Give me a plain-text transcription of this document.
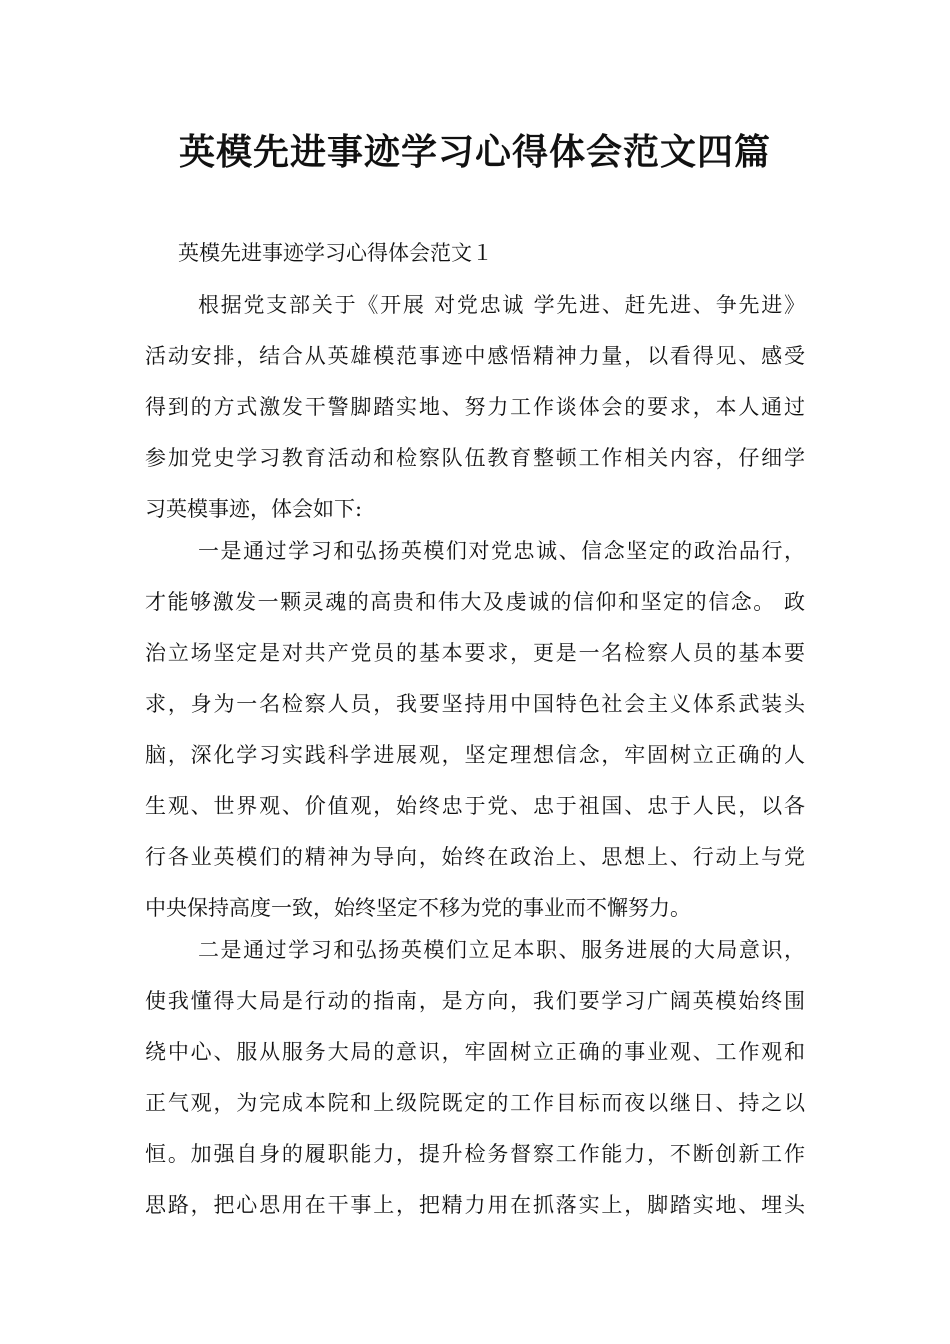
英模先进事迹学习心得体会范文四篇

英模先进事迹学习心得体会范文１

根据党支部关于《开展 对党忠诚 学先进、赶先进、争先进》

活动安排，结合从英雄模范事迹中感悟精神力量，以看得见、感受

得到的方式激发干警脚踏实地、努力工作谈体会的要求，本人通过

参加党史学习教育活动和检察队伍教育整顿工作相关内容，仔细学

习英模事迹，体会如下:

一是通过学习和弘扬英模们对党忠诚、信念坚定的政治品行，

才能够激发一颗灵魂的高贵和伟大及虔诚的信仰和坚定的信念。 政

治立场坚定是对共产党员的基本要求，更是一名检察人员的基本要

求，身为一名检察人员，我要坚持用中国特色社会主义体系武装头

脑，深化学习实践科学进展观，坚定理想信念，牢固树立正确的人

生观、世界观、价值观，始终忠于党、忠于祖国、忠于人民，以各

行各业英模们的精神为导向，始终在政治上、思想上、行动上与党

中央保持高度一致，始终坚定不移为党的事业而不懈努力。

二是通过学习和弘扬英模们立足本职、服务进展的大局意识，

使我懂得大局是行动的指南，是方向，我们要学习广阔英模始终围

绕中心、服从服务大局的意识，牢固树立正确的事业观、工作观和

正气观，为完成本院和上级院既定的工作目标而夜以继日、持之以

恒。加强自身的履职能力，提升检务督察工作能力，不断创新工作

思路，把心思用在干事上，把精力用在抓落实上，脚踏实地、埋头
